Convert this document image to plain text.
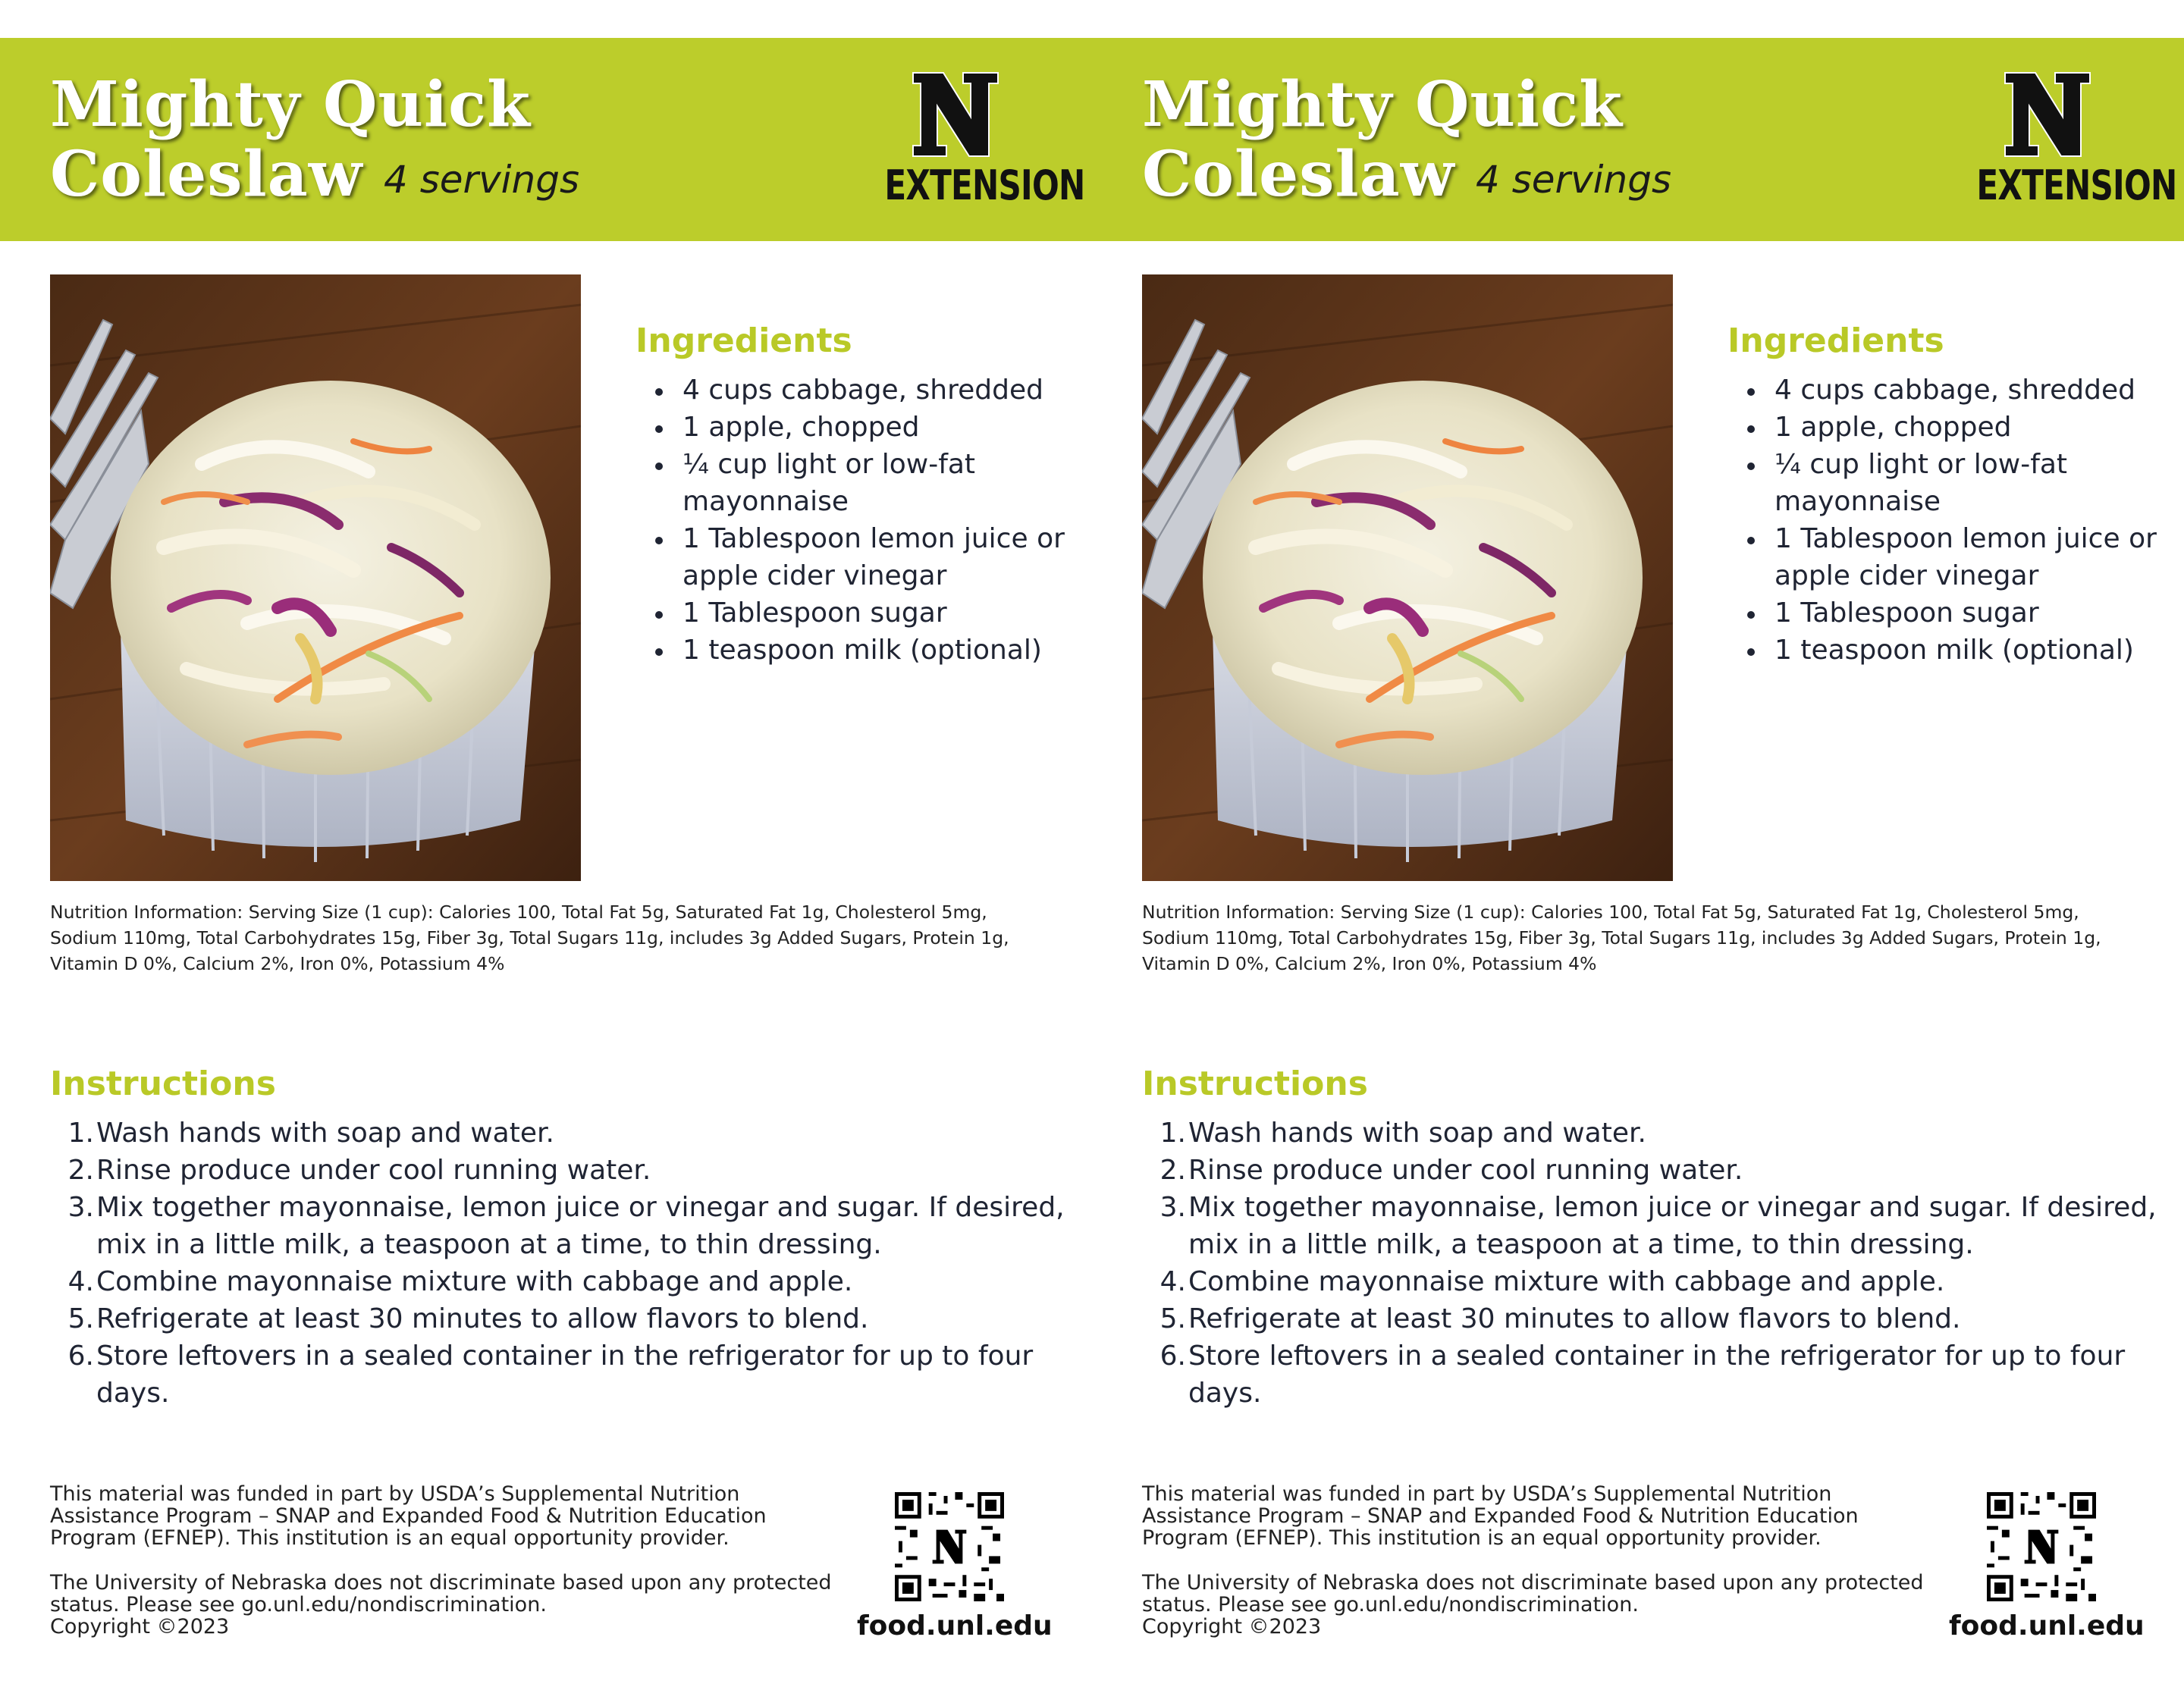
Mighty Quick
Coleslaw 4 servings	EXTENSION
Ingredients
4 cups cabbage, shredded
1 apple, chopped
¼ cup light or low-fat mayonnaise
1 Tablespoon lemon juice or apple cider vinegar
1 Tablespoon sugar
1 teaspoon milk (optional)
Nutrition Information: Serving Size (1 cup): Calories 100, Total Fat 5g, Saturated Fat 1g, Cholesterol 5mg, Sodium 110mg, Total Carbohydrates 15g, Fiber 3g, Total Sugars 11g, includes 3g Added Sugars, Protein 1g, Vitamin D 0%, Calcium 2%, Iron 0%, Potassium 4%
Instructions
1. Wash hands with soap and water.
2. Rinse produce under cool running water.
3. Mix together mayonnaise, lemon juice or vinegar and sugar. If desired, mix in a little milk, a teaspoon at a time, to thin dressing.
4. Combine mayonnaise mixture with cabbage and apple.
5. Refrigerate at least 30 minutes to allow flavors to blend.
6. Store leftovers in a sealed container in the refrigerator for up to four days.

This material was funded in part by USDA’s Supplemental Nutrition Assistance Program – SNAP and Expanded Food & Nutrition Education Program (EFNEP). This institution is an equal opportunity provider.

The University of Nebraska does not discriminate based upon any protected status. Please see go.unl.edu/nondiscrimination.
Copyright ©2023	food.unl.edu
Mighty Quick
Coleslaw 4 servings	EXTENSION
Ingredients
4 cups cabbage, shredded
1 apple, chopped
¼ cup light or low-fat mayonnaise
1 Tablespoon lemon juice or apple cider vinegar
1 Tablespoon sugar
1 teaspoon milk (optional)
Nutrition Information: Serving Size (1 cup): Calories 100, Total Fat 5g, Saturated Fat 1g, Cholesterol 5mg, Sodium 110mg, Total Carbohydrates 15g, Fiber 3g, Total Sugars 11g, includes 3g Added Sugars, Protein 1g, Vitamin D 0%, Calcium 2%, Iron 0%, Potassium 4%
Instructions
1. Wash hands with soap and water.
2. Rinse produce under cool running water.
3. Mix together mayonnaise, lemon juice or vinegar and sugar. If desired, mix in a little milk, a teaspoon at a time, to thin dressing.
4. Combine mayonnaise mixture with cabbage and apple.
5. Refrigerate at least 30 minutes to allow flavors to blend.
6. Store leftovers in a sealed container in the refrigerator for up to four days.

This material was funded in part by USDA’s Supplemental Nutrition Assistance Program – SNAP and Expanded Food & Nutrition Education Program (EFNEP). This institution is an equal opportunity provider.

The University of Nebraska does not discriminate based upon any protected status. Please see go.unl.edu/nondiscrimination.
Copyright ©2023	food.unl.edu
